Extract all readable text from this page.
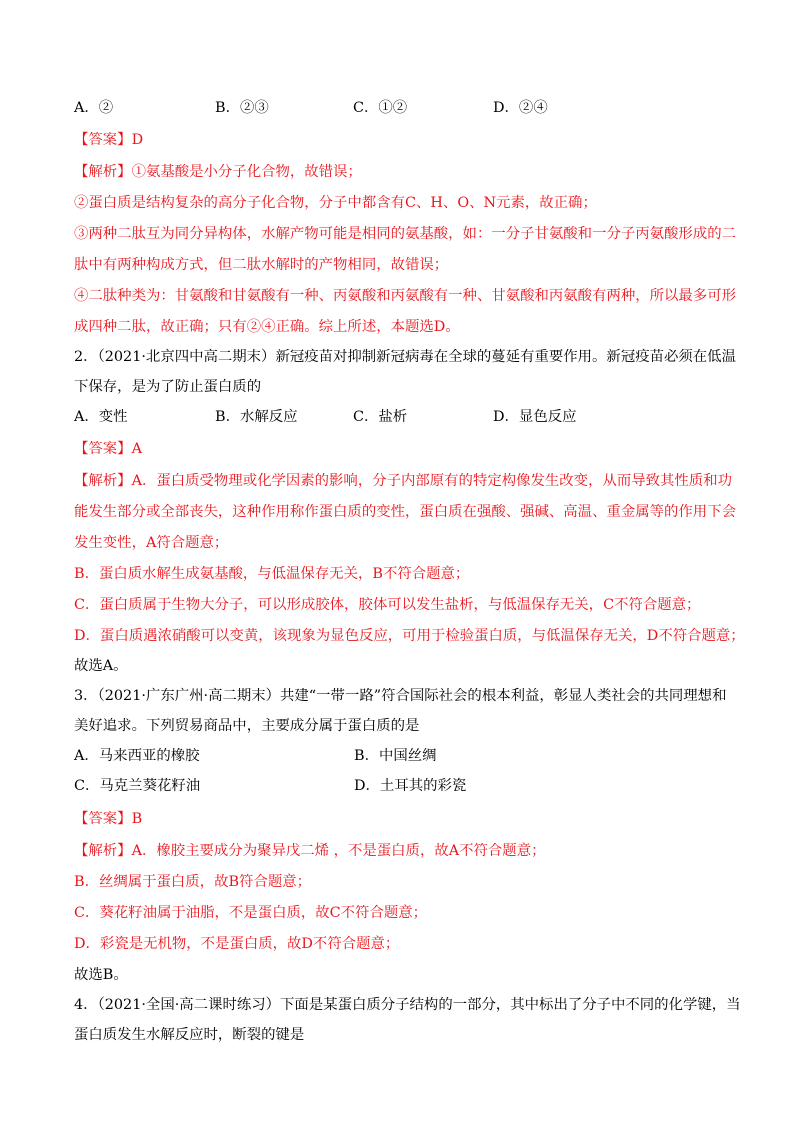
A．②	B．②③	C．①②	D．②④
【答案】D
【解析】①氨基酸是小分子化合物，故错误；
②蛋白质是结构复杂的高分子化合物，分子中都含有C、H、O、N元素，故正确；
③两种二肽互为同分异构体，水解产物可能是相同的氨基酸，如：一分子甘氨酸和一分子丙氨酸形成的二
肽中有两种构成方式，但二肽水解时的产物相同，故错误；
④二肽种类为：甘氨酸和甘氨酸有一种、丙氨酸和丙氨酸有一种、甘氨酸和丙氨酸有两种，所以最多可形
成四种二肽，故正确；只有②④正确。综上所述，本题选D。
2．（2021·北京四中高二期末）新冠疫苗对抑制新冠病毒在全球的蔓延有重要作用。新冠疫苗必须在低温
下保存，是为了防止蛋白质的
A．变性	B．水解反应	C．盐析	D．显色反应
【答案】A
【解析】A．蛋白质受物理或化学因素的影响，分子内部原有的特定构像发生改变，从而导致其性质和功
能发生部分或全部丧失，这种作用称作蛋白质的变性，蛋白质在强酸、强碱、高温、重金属等的作用下会
发生变性，A符合题意；
B．蛋白质水解生成氨基酸，与低温保存无关，B不符合题意；
C．蛋白质属于生物大分子，可以形成胶体，胶体可以发生盐析，与低温保存无关，C不符合题意；
D．蛋白质遇浓硝酸可以变黄，该现象为显色反应，可用于检验蛋白质，与低温保存无关，D不符合题意；
故选A。
3．（2021·广东广州·高二期末）共建“一带一路”符合国际社会的根本利益，彰显人类社会的共同理想和
美好追求。下列贸易商品中，主要成分属于蛋白质的是
A．马来西亚的橡胶	B．中国丝绸
C．马克兰葵花籽油	D．土耳其的彩瓷
【答案】B
【解析】A．橡胶主要成分为聚异戊二烯 ，不是蛋白质，故A不符合题意；
B．丝绸属于蛋白质，故B符合题意；
C．葵花籽油属于油脂，不是蛋白质，故C不符合题意；
D．彩瓷是无机物，不是蛋白质，故D不符合题意；
故选B。
4．（2021·全国·高二课时练习）下面是某蛋白质分子结构的一部分，其中标出了分子中不同的化学键，当
蛋白质发生水解反应时，断裂的键是
